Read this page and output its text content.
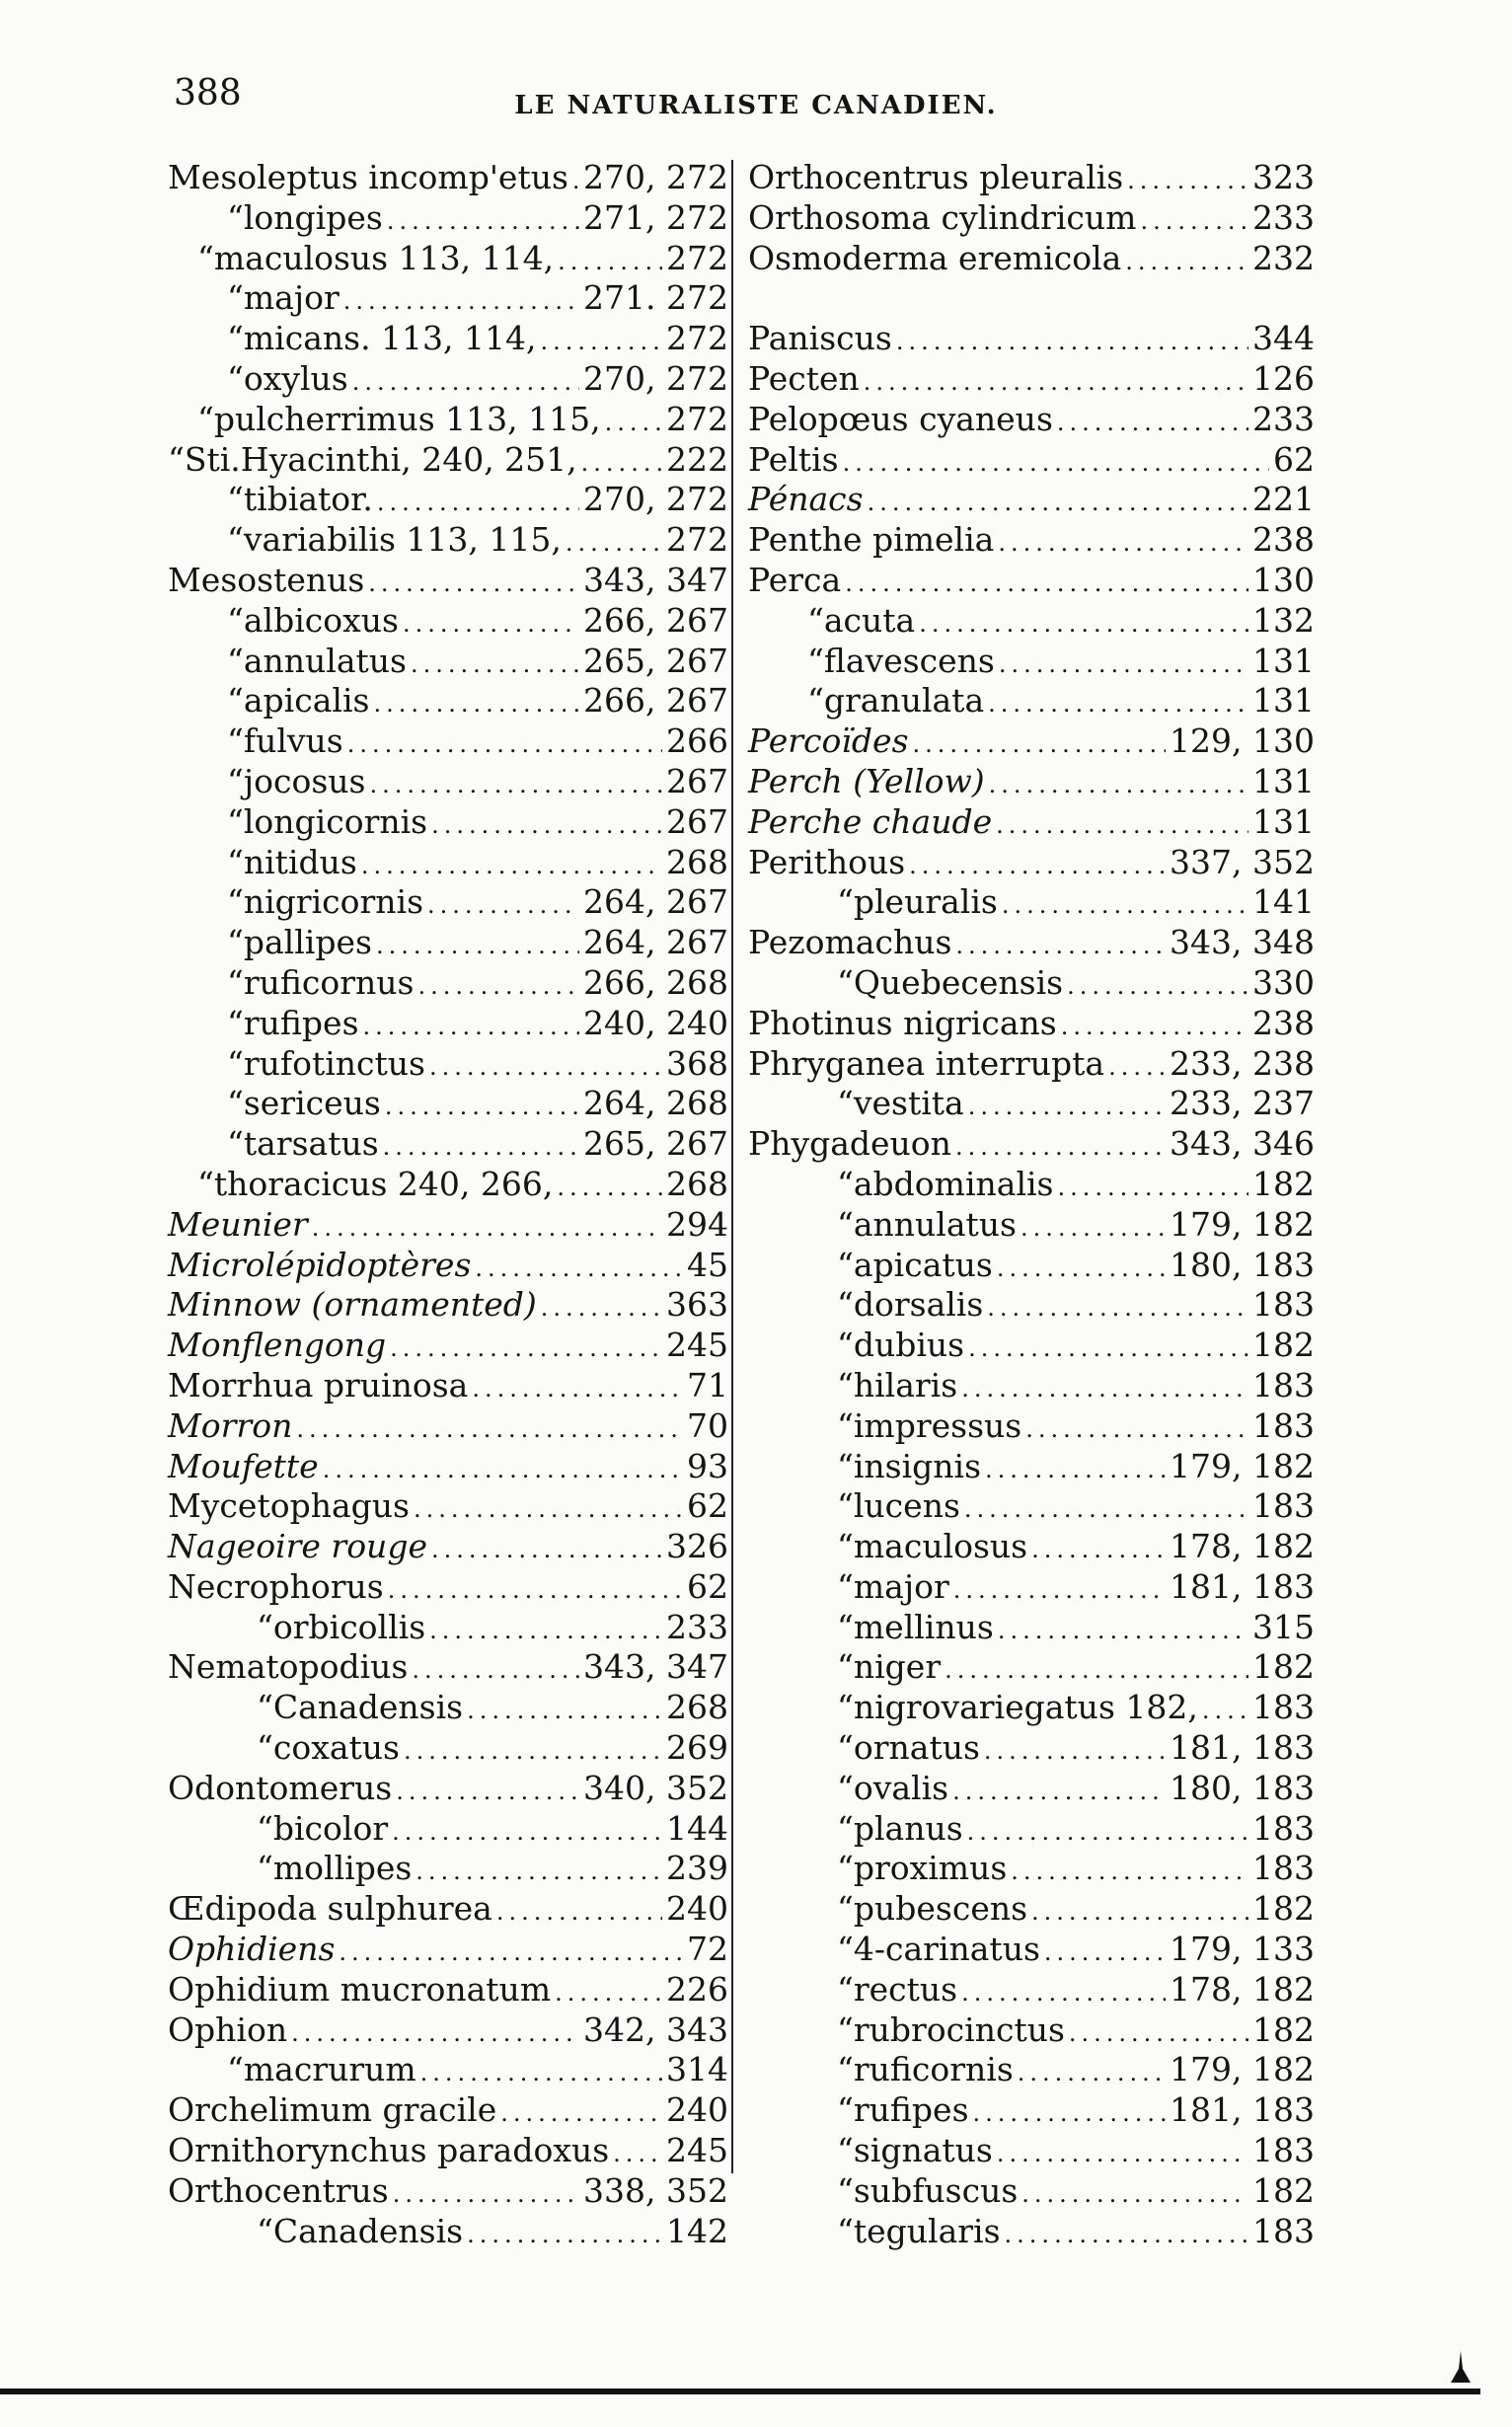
388	LE NATURALISTE CANADIEN.
Mesoleptus incomp'etus ..... 270, 272
“ longipes .....	271, 272
“ maculosus 113, 114, .....	272
“ major .....	271. 272
“ micans. 113, 114, .....	272
“ oxylus .....	270, 272
“ pulcherrimus 113, 115, ..... 272
“ Sti.Hyacinthi, 240, 251, .....	222
“ tibiator. .....	270, 272
“ variabilis 113, 115, .....	272
Mesostenus .....	343, 347
“ albicoxus .....	266, 267
“ annulatus .....	265, 267
“ apicalis .....	266, 267
“ fulvus .....	266
“ jocosus .....	267
“ longicornis .....	267
“ nitidus .....	268
“ nigricornis .....	264, 267
“ pallipes .....	264, 267
“ ruficornus .....	266, 268
“ rufipes .....	240, 240
“ rufotinctus .....	368
“ sericeus .....	264, 268
“ tarsatus .....	265, 267
“ thoracicus 240, 266, .....	268
Meunier .....	294
Microlépidoptères .....	45
Minnow (ornamented) .....	363
Monflengong .....	245
Morrhua pruinosa .....	71
Morron .....	70
Moufette .....	93
Mycetophagus .....	62
Nageoire rouge .....	326
Necrophorus .....	62
“ orbicollis .....	233
Nematopodius .....	343, 347
“ Canadensis .....	268
“ coxatus .....	269
Odontomerus .....	340, 352
“ bicolor .....	144
“ mollipes .....	239
Œdipoda sulphurea .....	240
Ophidiens .....	72
Ophidium mucronatum .....	226
Ophion .....	342, 343
“ macrurum .....	314
Orchelimum gracile .....	240
Ornithorynchus paradoxus ..... 245
Orthocentrus .....	338, 352
“ Canadensis .....	142
Orthocentrus pleuralis .....	323
Orthosoma cylindricum .....	233
Osmoderma eremicola .....	232
Paniscus .....	344
Pecten .....	126
Pelopœus cyaneus .....	233
Peltis .....	62
Pénacs .....	221
Penthe pimelia .....	238
Perca .....	130
“ acuta .....	132
“ flavescens .....	131
“ granulata .....	131
Percoïdes .....	129, 130
Perch (Yellow) .....	131
Perche chaude .....	131
Perithous .....	337, 352
“ pleuralis .....	141
Pezomachus .....	343, 348
“ Quebecensis .....	330
Photinus nigricans .....	238
Phryganea interrupta ..... 233, 238
“ vestita .....	233, 237
Phygadeuon .....	343, 346
“ abdominalis .....	182
“ annulatus .....	179, 182
“ apicatus .....	180, 183
“ dorsalis .....	183
“ dubius .....	182
“ hilaris .....	183
“ impressus .....	183
“ insignis .....	179, 182
“ lucens .....	183
“ maculosus .....	178, 182
“ major .....	181, 183
“ mellinus .....	315
“ niger .....	182
“ nigrovariegatus 182, ..... 183
“ ornatus .....	181, 183
“ ovalis .....	180, 183
“ planus .....	183
“ proximus .....	183
“ pubescens .....	182
“ 4-carinatus .....	179, 133
“ rectus .....	178, 182
“ rubrocinctus .....	182
“ ruficornis .....	179, 182
“ rufipes .....	181, 183
“ signatus .....	183
“ subfuscus .....	182
“ tegularis .....	183
